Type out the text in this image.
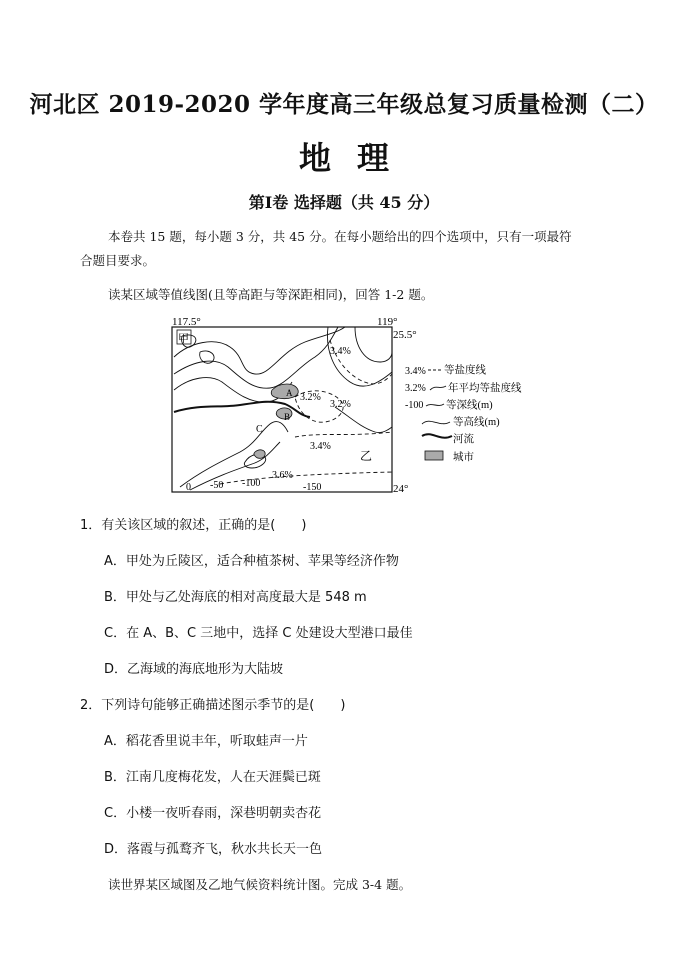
河北区 2019-2020 学年度高三年级总复习质量检测（二）
地理
第Ⅰ卷 选择题（共 45 分）
本卷共 15 题，每小题 3 分，共 45 分。在每小题给出的四个选项中，只有一项最符
合题目要求。
读某区域等值线图(且等高距与等深距相同)，回答 1-2 题。
117.5°	119°
25.5°
24°
甲
乙
3.4%
3.2%
3.2%
3.4%
3.6%
A
B
C
0 -50 -100	-150
3.4% 等盐度线
3.2% 年平均等盐度线
-100 等深线(m)
等高线(m)
河流
城市
1．有关该区域的叙述，正确的是(　　)
A．甲处为丘陵区，适合种植茶树、苹果等经济作物
B．甲处与乙处海底的相对高度最大是 548 m
C．在 A、B、C 三地中，选择 C 处建设大型港口最佳
D．乙海域的海底地形为大陆坡
2．下列诗句能够正确描述图示季节的是(　　)
A．稻花香里说丰年，听取蛙声一片
B．江南几度梅花发，人在天涯鬓已斑
C．小楼一夜听春雨，深巷明朝卖杏花
D．落霞与孤鹜齐飞，秋水共长天一色
读世界某区域图及乙地气候资料统计图。完成 3-4 题。
